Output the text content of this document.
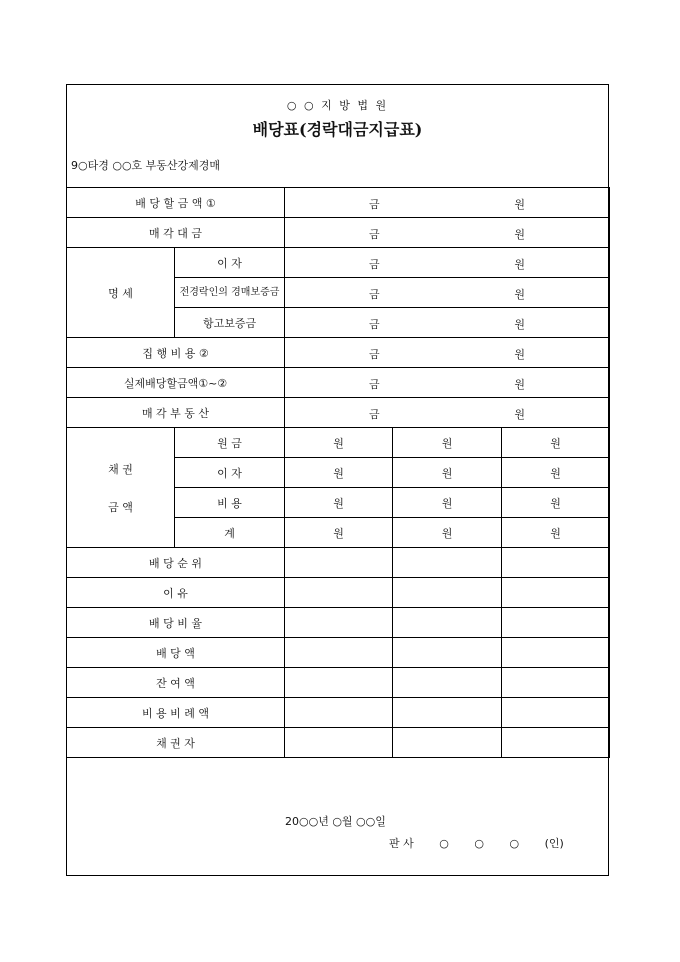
○ ○ 지 방 법 원
배당표(경락대금지급표)
9○타경 ○○호 부동산강제경매
배 당 할 금 액 ①		금 원		

매 각 대 금		금 원		

명 세	이 자	금 원		

	전경락인의 경매보증금	금 원		

	항고보증금	금 원		

집 행 비 용 ②		금 원		

실제배당할금액①~②		금 원		

매 각 부 동 산		금 원		

채 권
금 액	원 금	원	원	원
	이 자	원	원	원
	비 용	원	원	원
	계	원	원	원
배 당 순 위				
이 유				
배 당 비 율				
배 당 액				
잔 여 액				
비 용 비 례 액				
채 권 자				
20○○년 ○월 ○○일
판 사 ○ ○ ○ (인)
